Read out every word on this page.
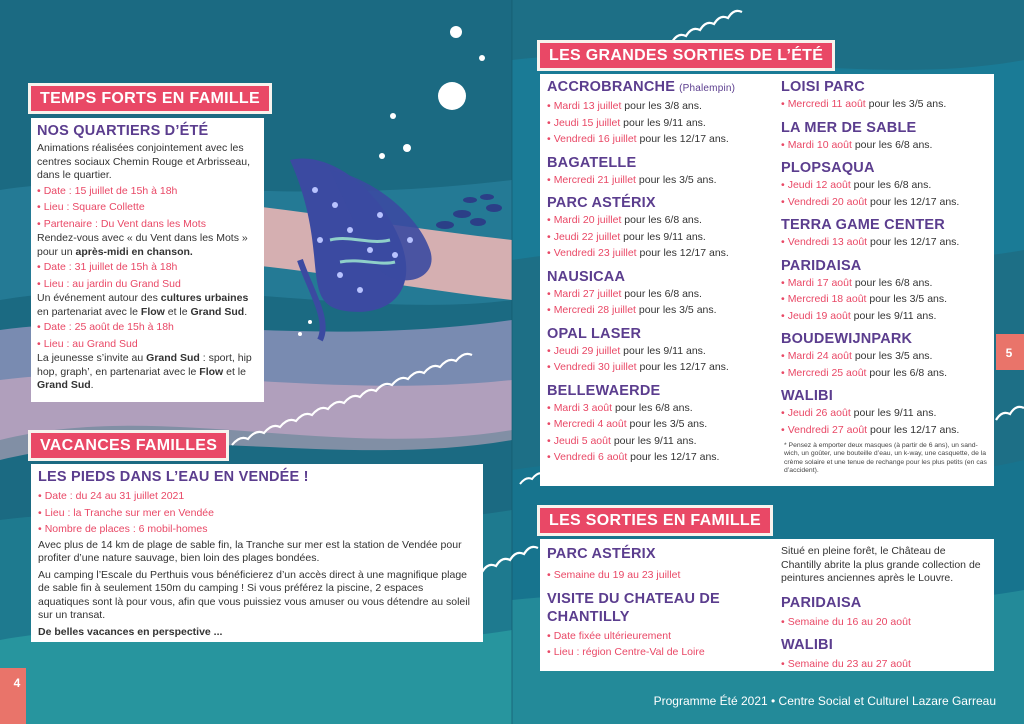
TEMPS FORTS EN FAMILLE
NOS QUARTIERS D’ÉTÉ
Animations réalisées conjointement avec les centres sociaux Chemin Rouge et Arbrisseau, dans le quartier.
• Date : 15 juillet de 15h à 18h
• Lieu : Square Collette
• Partenaire : Du Vent dans les Mots
Rendez-vous avec « du Vent dans les Mots » pour un après-midi en chanson.
• Date : 31 juillet de 15h à 18h
• Lieu : au jardin du Grand Sud
Un événement autour des cultures urbaines en partenariat avec le Flow et le Grand Sud.
• Date : 25 août de 15h à 18h
• Lieu : au Grand Sud
La jeunesse s’invite au Grand Sud : sport, hip hop, graph’, en partenariat avec le Flow et le Grand Sud.
VACANCES FAMILLES
LES PIEDS DANS L’EAU EN VENDÉE !
• Date : du 24 au 31 juillet 2021
• Lieu : la Tranche sur mer en Vendée
• Nombre de places : 6 mobil-homes
Avec plus de 14 km de plage de sable fin, la Tranche sur mer est la station de Vendée pour profiter d’une nature sauvage, bien loin des plages bondées.
Au camping l’Escale du Perthuis vous bénéficierez d’un accès direct à une magnifique plage de sable fin à seulement 150m du camping ! Si vous préférez la piscine, 2 espaces aquatiques sont là pour vous, afin que vous puissiez vous amuser ou vous détendre au soleil sur un transat.
De belles vacances en perspective ...
4
LES GRANDES SORTIES DE L’ÉTÉ
ACCROBRANCHE (Phalempin)
• Mardi 13 juillet pour les 3/8 ans.
• Jeudi 15 juillet pour les 9/11 ans.
• Vendredi 16 juillet pour les 12/17 ans.
BAGATELLE
• Mercredi 21 juillet pour les 3/5 ans.
PARC ASTÉRIX
• Mardi 20 juillet pour les 6/8 ans.
• Jeudi 22 juillet pour les 9/11 ans.
• Vendredi 23 juillet pour les 12/17 ans.
NAUSICAA
• Mardi 27 juillet pour les 6/8 ans.
• Mercredi 28 juillet pour les 3/5 ans.
OPAL LASER
• Jeudi 29 juillet pour les 9/11 ans.
• Vendredi 30 juillet pour les 12/17 ans.
BELLEWAERDE
• Mardi 3 août pour les 6/8 ans.
• Mercredi 4 août pour les 3/5 ans.
• Jeudi 5 août pour les 9/11 ans.
• Vendredi 6 août pour les 12/17 ans.
LOISI PARC
• Mercredi 11 août pour les 3/5 ans.
LA MER DE SABLE
• Mardi 10 août pour les 6/8 ans.
PLOPSAQUA
• Jeudi 12 août pour les 6/8 ans.
• Vendredi 20 août pour les 12/17 ans.
TERRA GAME CENTER
• Vendredi 13 août pour les 12/17 ans.
PARIDAISA
• Mardi 17 août pour les 6/8 ans.
• Mercredi 18 août pour les 3/5 ans.
• Jeudi 19 août pour les 9/11 ans.
BOUDEWIJNPARK
• Mardi 24 août pour les 3/5 ans.
• Mercredi 25 août pour les 6/8 ans.
WALIBI
• Jeudi 26 août pour les 9/11 ans.
• Vendredi 27 août pour les 12/17 ans.
* Pensez à emporter deux masques (à partir de 6 ans), un sand-wich, un goûter, une bouteille d’eau, un k-way, une casquette, de la crème solaire et une tenue de rechange pour les plus petits (en cas d’accident).
LES SORTIES EN FAMILLE
PARC ASTÉRIX
• Semaine du 19 au 23 juillet
VISITE DU CHATEAU DE CHANTILLY
• Date fixée ultérieurement
• Lieu : région Centre-Val de Loire
Situé en pleine forêt, le Château de Chantilly abrite la plus grande collection de peintures anciennes après le Louvre.
PARIDAISA
• Semaine du 16 au 20 août
WALIBI
• Semaine du 23 au 27 août
5
Programme Été 2021 • Centre Social et Culturel Lazare Garreau
